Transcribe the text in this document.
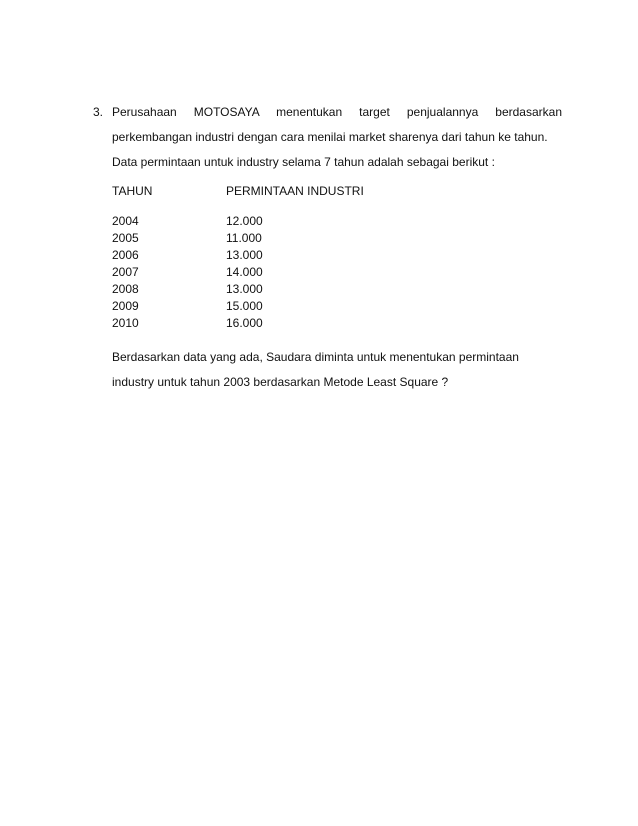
3. Perusahaan MOTOSAYA menentukan target penjualannya berdasarkan
perkembangan industri dengan cara menilai market sharenya dari tahun ke tahun.
Data permintaan untuk industry selama 7 tahun adalah sebagai berikut :
TAHUN	PERMINTAAN INDUSTRI
2004	12.000
2005	11.000
2006	13.000
2007	14.000
2008	13.000
2009	15.000
2010	16.000
Berdasarkan data yang ada, Saudara diminta untuk menentukan permintaan
industry untuk tahun 2003 berdasarkan Metode Least Square ?
